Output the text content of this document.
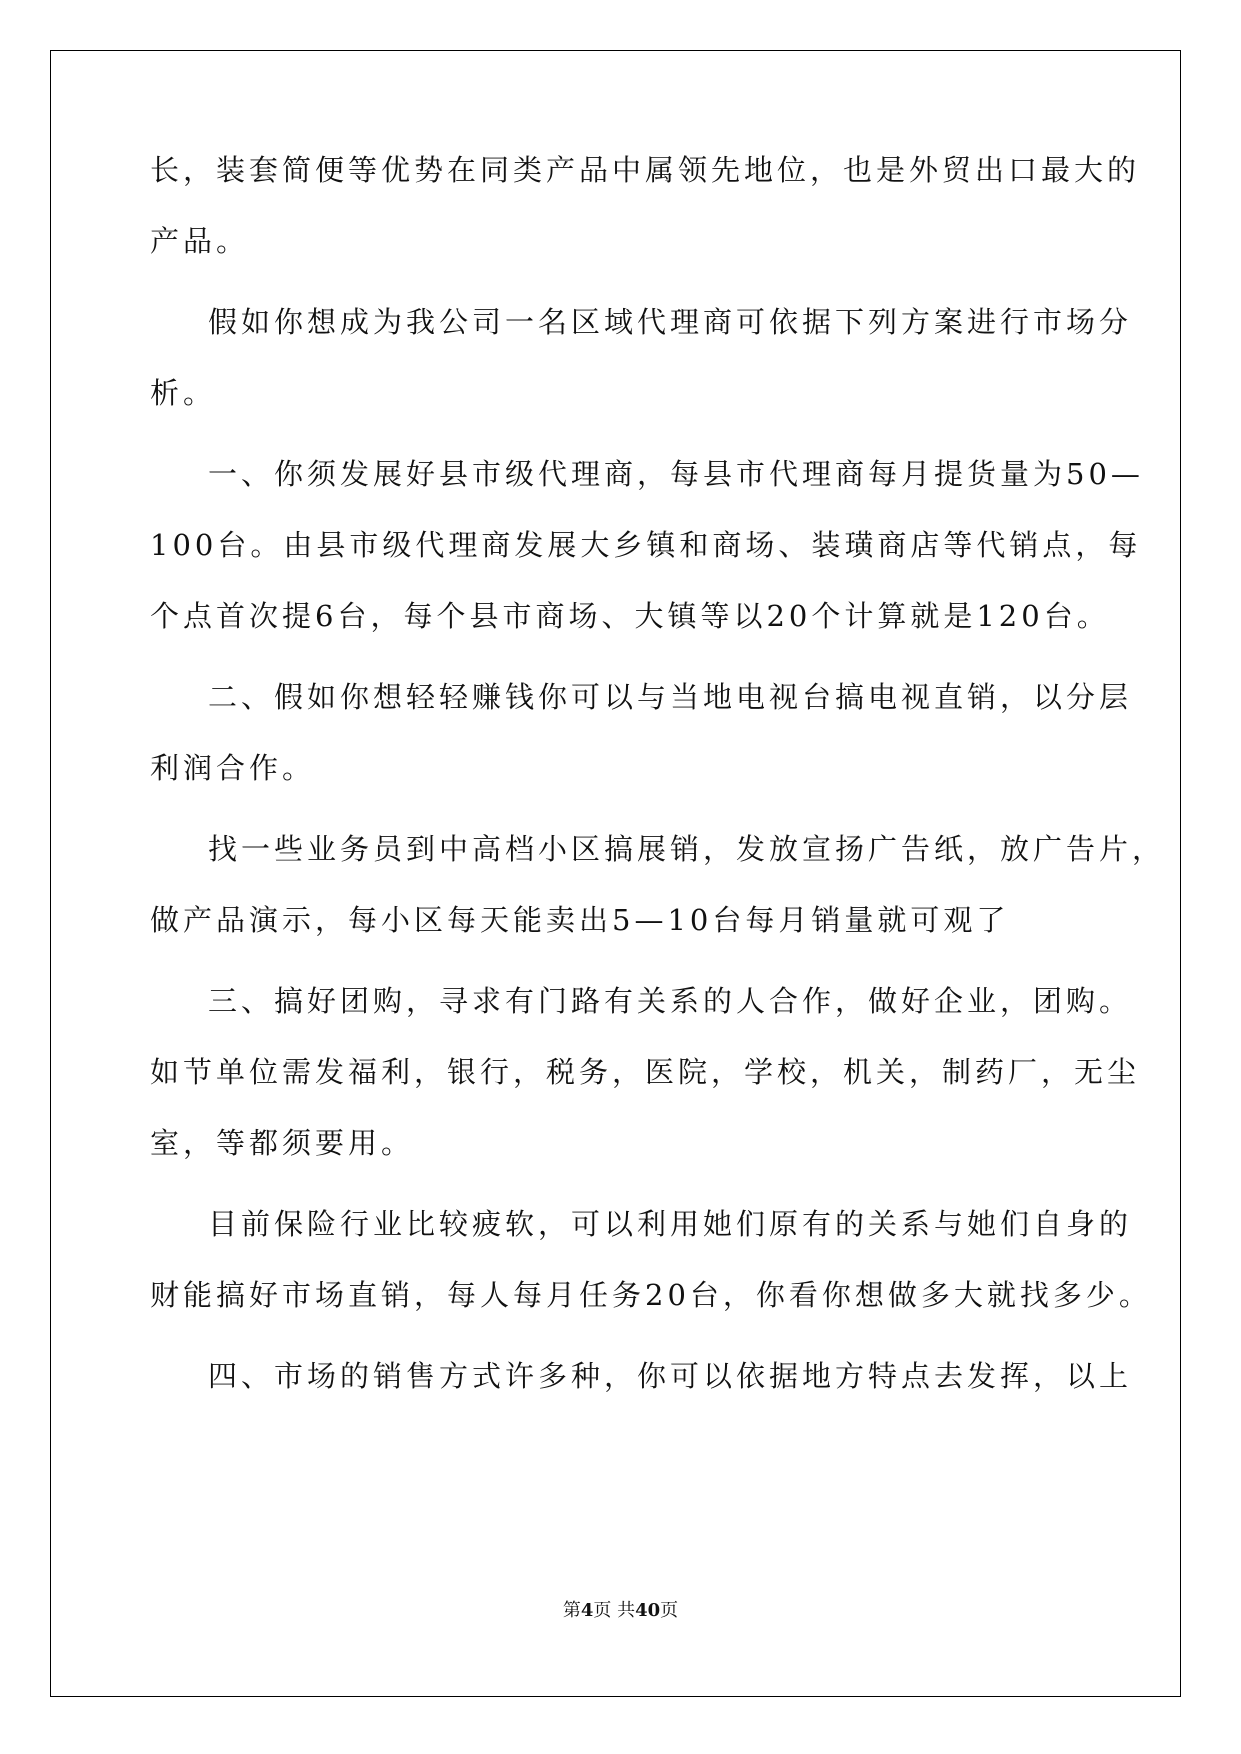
长，装套简便等优势在同类产品中属领先地位，也是外贸出口最大的

产品。

假如你想成为我公司一名区域代理商可依据下列方案进行市场分

析。

一、你须发展好县市级代理商，每县市代理商每月提货量为50—

100台。由县市级代理商发展大乡镇和商场、装璜商店等代销点，每

个点首次提6台，每个县市商场、大镇等以20个计算就是120台。

二、假如你想轻轻赚钱你可以与当地电视台搞电视直销，以分层

利润合作。

找一些业务员到中高档小区搞展销，发放宣扬广告纸，放广告片，

做产品演示，每小区每天能卖出5—10台每月销量就可观了

三、搞好团购，寻求有门路有关系的人合作，做好企业，团购。

如节单位需发福利，银行，税务，医院，学校，机关，制药厂，无尘

室，等都须要用。

目前保险行业比较疲软，可以利用她们原有的关系与她们自身的

财能搞好市场直销，每人每月任务20台，你看你想做多大就找多少。

四、市场的销售方式许多种，你可以依据地方特点去发挥，以上

第4页 共40页
